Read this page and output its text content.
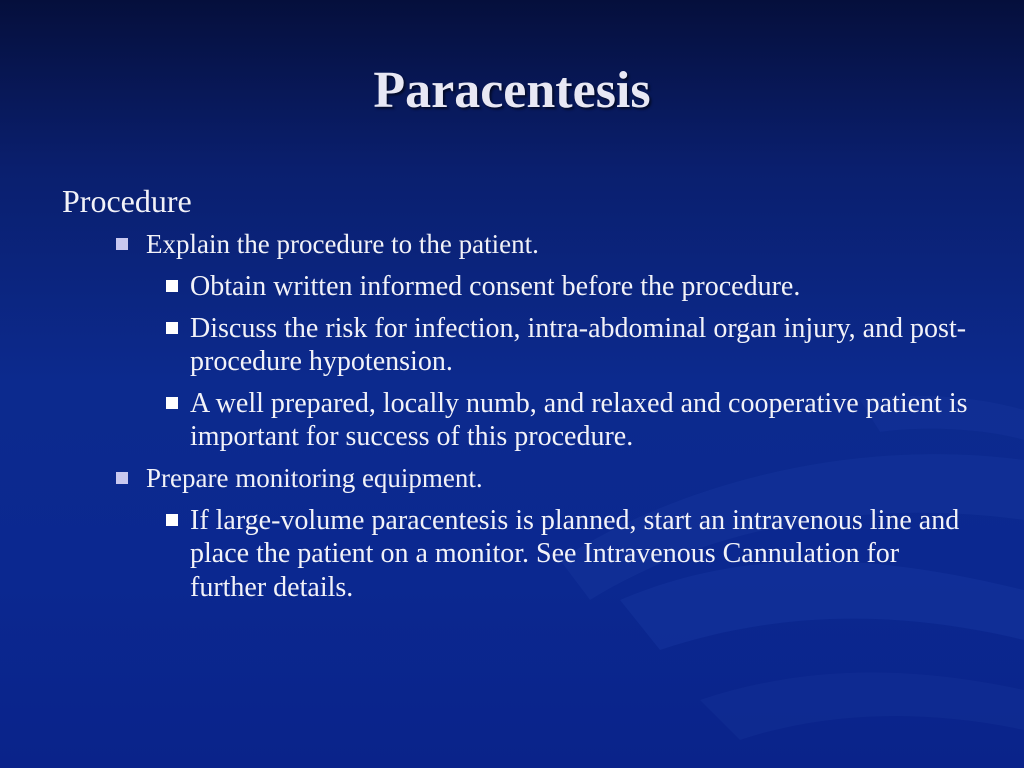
Paracentesis
Procedure
Explain the procedure to the patient.
Obtain written informed consent before the procedure.
Discuss the risk for infection, intra-abdominal organ injury, and post-procedure hypotension.
A well prepared, locally numb, and relaxed and cooperative patient is important for success of this procedure.
Prepare monitoring equipment.
If large-volume paracentesis is planned, start an intravenous line and place the patient on a monitor. See Intravenous Cannulation for further details.
